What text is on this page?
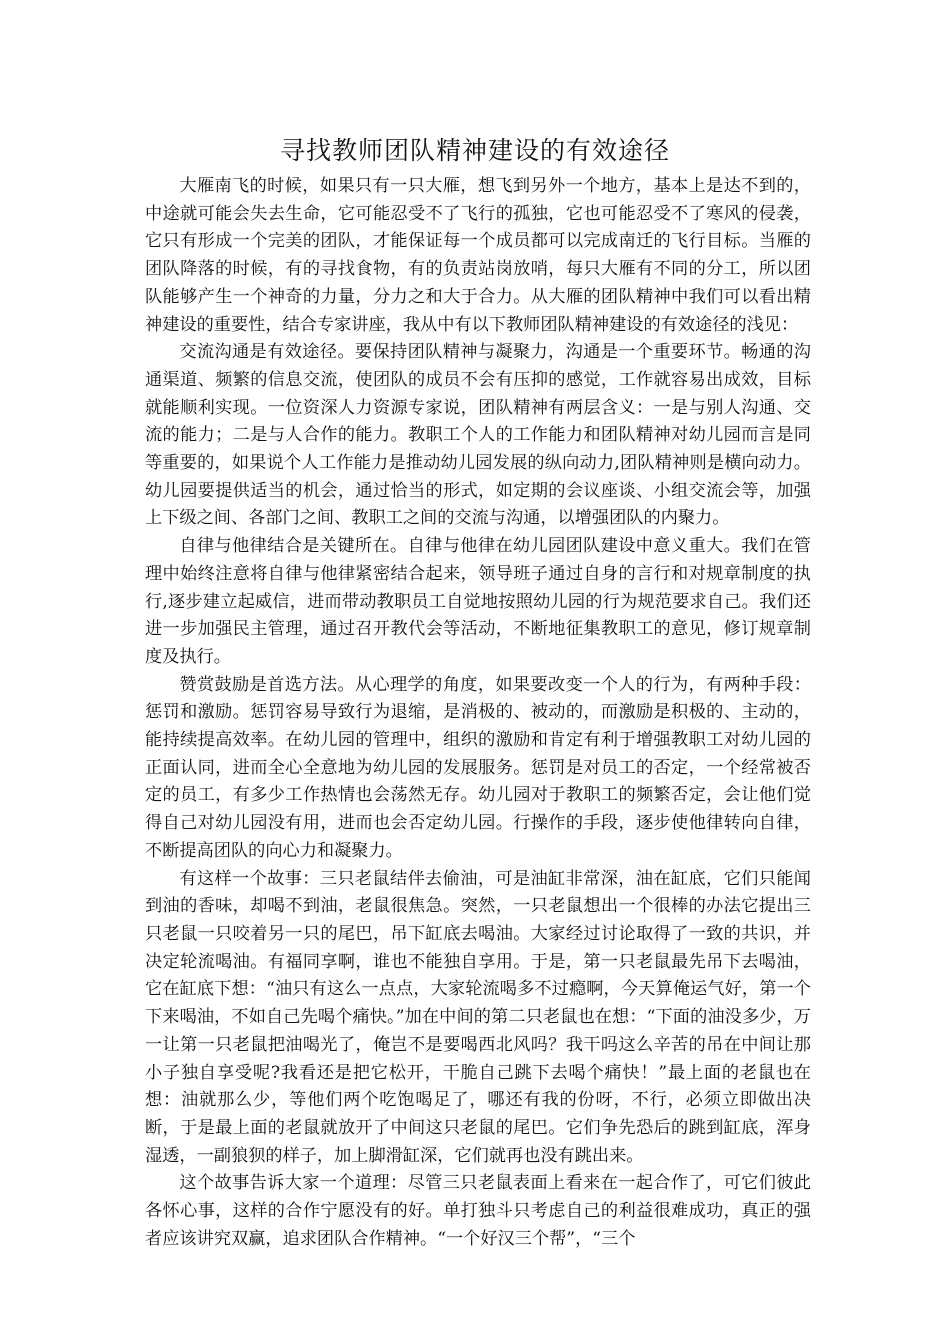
寻找教师团队精神建设的有效途径

大雁南飞的时候，如果只有一只大雁，想飞到另外一个地方，基本上是达不到的，中途就可能会失去生命，它可能忍受不了飞行的孤独，它也可能忍受不了寒风的侵袭，它只有形成一个完美的团队，才能保证每一个成员都可以完成南迁的飞行目标。当雁的团队降落的时候，有的寻找食物，有的负责站岗放哨，每只大雁有不同的分工，所以团队能够产生一个神奇的力量，分力之和大于合力。从大雁的团队精神中我们可以看出精神建设的重要性，结合专家讲座，我从中有以下教师团队精神建设的有效途径的浅见：

交流沟通是有效途径。要保持团队精神与凝聚力，沟通是一个重要环节。畅通的沟通渠道、频繁的信息交流，使团队的成员不会有压抑的感觉，工作就容易出成效，目标就能顺利实现。一位资深人力资源专家说，团队精神有两层含义：一是与别人沟通、交流的能力；二是与人合作的能力。教职工个人的工作能力和团队精神对幼儿园而言是同等重要的，如果说个人工作能力是推动幼儿园发展的纵向动力,团队精神则是横向动力。幼儿园要提供适当的机会，通过恰当的形式，如定期的会议座谈、小组交流会等，加强上下级之间、各部门之间、教职工之间的交流与沟通，以增强团队的内聚力。

自律与他律结合是关键所在。自律与他律在幼儿园团队建设中意义重大。我们在管理中始终注意将自律与他律紧密结合起来，领导班子通过自身的言行和对规章制度的执行,逐步建立起威信，进而带动教职员工自觉地按照幼儿园的行为规范要求自己。我们还进一步加强民主管理，通过召开教代会等活动，不断地征集教职工的意见，修订规章制度及执行。

赞赏鼓励是首选方法。从心理学的角度，如果要改变一个人的行为，有两种手段：惩罚和激励。惩罚容易导致行为退缩，是消极的、被动的，而激励是积极的、主动的，能持续提高效率。在幼儿园的管理中，组织的激励和肯定有利于增强教职工对幼儿园的正面认同，进而全心全意地为幼儿园的发展服务。惩罚是对员工的否定，一个经常被否定的员工，有多少工作热情也会荡然无存。幼儿园对于教职工的频繁否定，会让他们觉得自己对幼儿园没有用，进而也会否定幼儿园。行操作的手段，逐步使他律转向自律，不断提高团队的向心力和凝聚力。

有这样一个故事：三只老鼠结伴去偷油，可是油缸非常深，油在缸底，它们只能闻到油的香味，却喝不到油，老鼠很焦急。突然，一只老鼠想出一个很棒的办法它提出三只老鼠一只咬着另一只的尾巴，吊下缸底去喝油。大家经过讨论取得了一致的共识，并决定轮流喝油。有福同享啊，谁也不能独自享用。于是，第一只老鼠最先吊下去喝油，它在缸底下想：“油只有这么一点点，大家轮流喝多不过瘾啊，今天算俺运气好，第一个下来喝油，不如自己先喝个痛快。”加在中间的第二只老鼠也在想：“下面的油没多少，万一让第一只老鼠把油喝光了，俺岂不是要喝西北风吗？我干吗这么辛苦的吊在中间让那小子独自享受呢?我看还是把它松开，干脆自己跳下去喝个痛快！”最上面的老鼠也在想：油就那么少，等他们两个吃饱喝足了，哪还有我的份呀，不行，必须立即做出决断，于是最上面的老鼠就放开了中间这只老鼠的尾巴。它们争先恐后的跳到缸底，浑身湿透，一副狼狈的样子，加上脚滑缸深，它们就再也没有跳出来。

这个故事告诉大家一个道理：尽管三只老鼠表面上看来在一起合作了，可它们彼此各怀心事，这样的合作宁愿没有的好。单打独斗只考虑自己的利益很难成功，真正的强者应该讲究双赢，追求团队合作精神。“一个好汉三个帮”，“三个
